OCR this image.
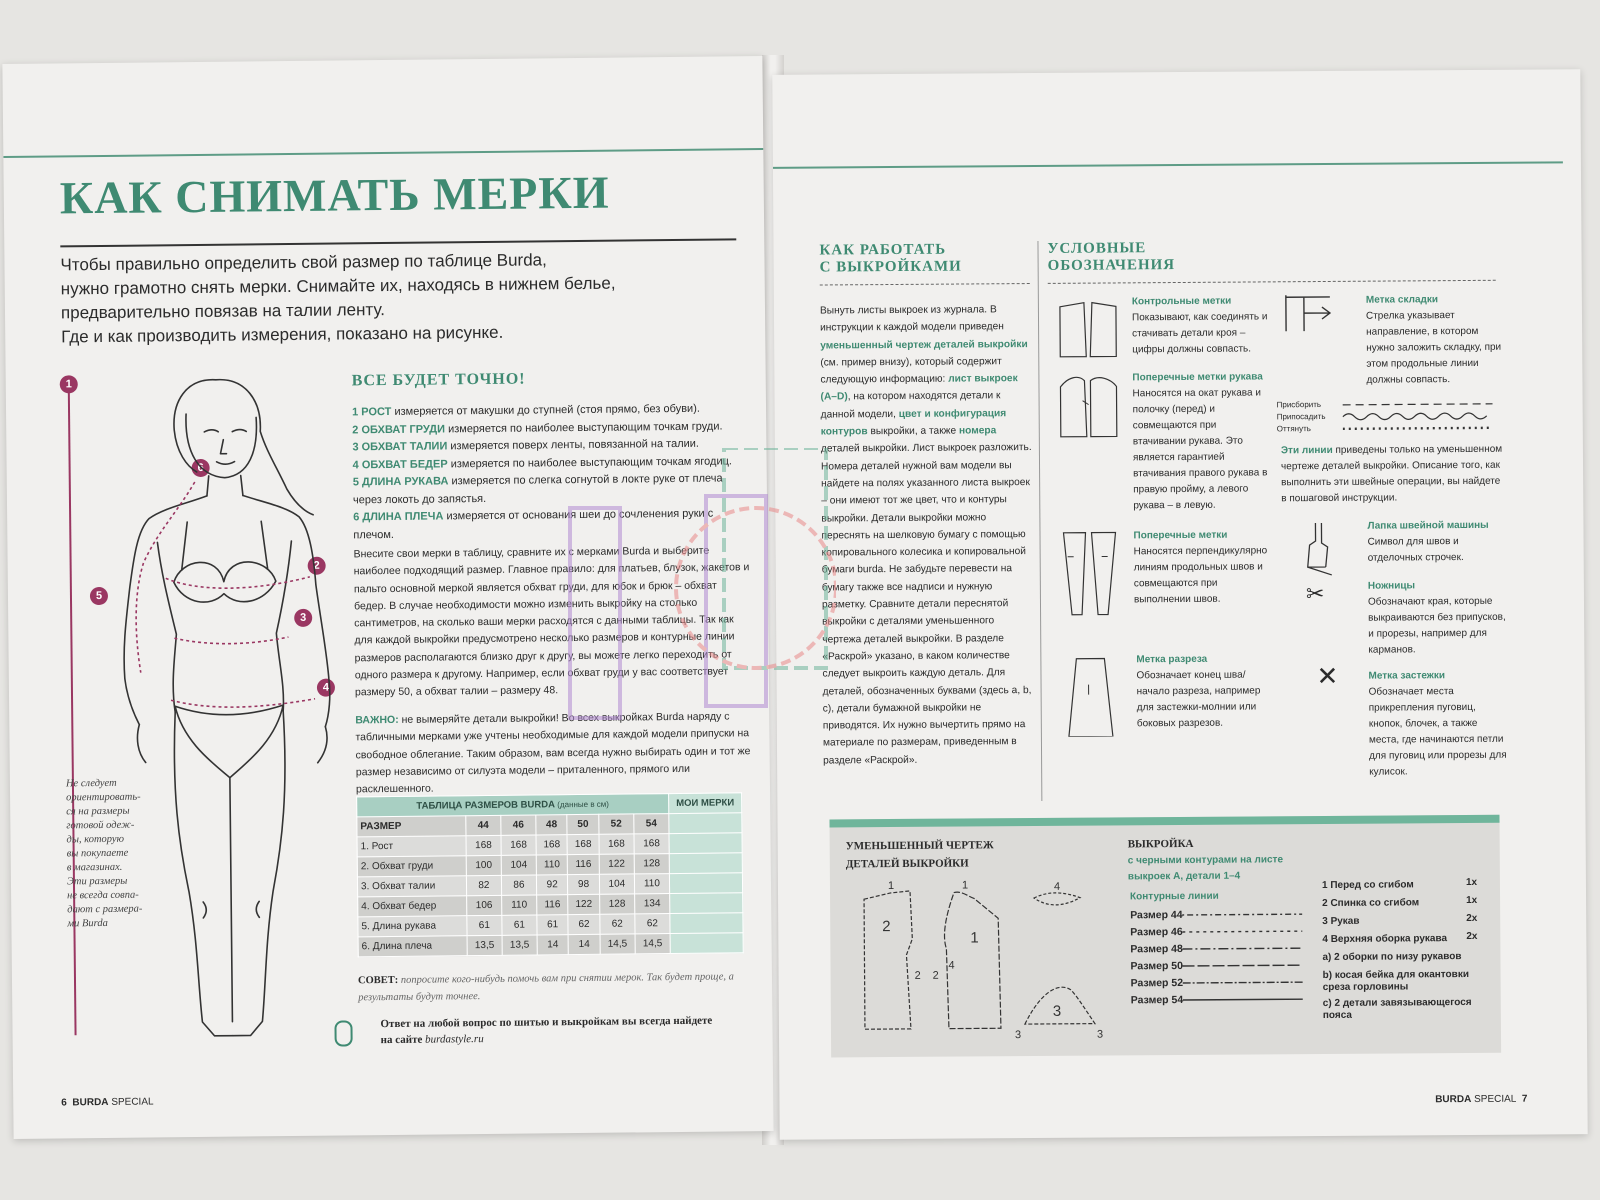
КАК СНИМАТЬ МЕРКИ

Чтобы правильно определить свой размер по таблице Burda,
нужно грамотно снять мерки. Снимайте их, находясь в нижнем белье,
предварительно повязав на талии ленту.
Где и как производить измерения, показано на рисунке.

1
6
2
5
3
4
ВСЕ БУДЕТ ТОЧНО!
1 РОСТ измеряется от макушки до ступней (стоя прямо, без обуви).
2 ОБХВАТ ГРУДИ измеряется по наиболее выступающим точкам груди.
3 ОБХВАТ ТАЛИИ измеряется поверх ленты, повязанной на талии.
4 ОБХВАТ БЕДЕР измеряется по наиболее выступающим точкам ягодиц.
5 ДЛИНА РУКАВА измеряется по слегка согнутой в локте руке от плеча через локоть до запястья.
6 ДЛИНА ПЛЕЧА измеряется от основания шеи до сочленения руки с плечом.

Внесите свои мерки в таблицу, сравните их с мерками Burda и выберите наиболее подходящий размер. Главное правило: для платьев, блузок, жакетов и пальто основной меркой является обхват груди, для юбок и брюк – обхват бедер. В случае необходимости можно изменить выкройку на столько сантиметров, на сколько ваши мерки расходятся с данными таблицы. Так как для каждой выкройки предусмотрено несколько размеров и контурные линии размеров располагаются близко друг к другу, вы можете легко переходить от одного размера к другому. Например, если обхват груди у вас соответствует размеру 50, а обхват талии – размеру 48.

ВАЖНО: не вымеряйте детали выкройки! Во всех выкройках Burda наряду с табличными мерками уже учтены необходимые для каждой модели припуски на свободное облегание. Таким образом, вам всегда нужно выбирать один и тот же размер независимо от силуэта модели – приталенного, прямого или расклешенного.

Не следует
ориентировать-
ся на размеры
готовой одеж-
ды, которую
вы покупаете
в магазинах.
Эти размеры
не всегда совпа-
дают с размера-
ми Burda
ТАБЛИЦА РАЗМЕРОВ BURDA (данные в см)							МОИ МЕРКИ
РАЗМЕР	44	46	48	50	52	54	
1. Рост	168	168	168	168	168	168	
2. Обхват груди	100	104	110	116	122	128	
3. Обхват талии	82	86	92	98	104	110	
4. Обхват бедер	106	110	116	122	128	134	
5. Длина рукава	61	61	61	62	62	62	
6. Длина плеча	13,5	13,5	14	14	14,5	14,5	
СОВЕТ: попросите кого-нибудь помочь вам при снятии мерок. Так будет проще, а результаты будут точнее.
Ответ на любой вопрос по шитью и выкройкам вы всегда найдете на сайте burdastyle.ru
6 BURDA SPECIAL
КАК РАБОТАТЬ
С ВЫКРОЙКАМИ
УСЛОВНЫЕ
ОБОЗНАЧЕНИЯ

Вынуть листы выкроек из журнала. В инструкции к каждой модели приведен уменьшенный чертеж деталей выкройки (см. пример внизу), который содержит следующую информацию: лист выкроек (A–D), на котором находятся детали к данной модели, цвет и конфигурация контуров выкройки, а также номера деталей выкройки. Лист выкроек разложить. Номера деталей нужной вам модели вы найдете на полях указанного листа выкроек – они имеют тот же цвет, что и контуры выкройки. Детали выкройки можно переснять на шелковую бумагу с помощью копировального колесика и копировальной бумаги burda. Не забудьте перевести на бумагу также все надписи и нужную разметку. Сравните детали переснятой выкройки с деталями уменьшенного чертежа деталей выкройки. В разделе «Раскрой» указано, в каком количестве следует выкроить каждую деталь. Для деталей, обозначенных буквами (здесь а, b, c), детали бумажной выкройки не приводятся. Их нужно вычертить прямо на материале по размерам, приведенным в разделе «Раскрой».

Контрольные метки
Показывают, как соединять и стачивать детали кроя – цифры должны совпасть.
Поперечные метки рукава
Наносятся на окат рукава и полочку (перед) и совмещаются при втачивании рукава. Это является гарантией втачивания правого рукава в правую пройму, а левого рукава – в левую.
Поперечные метки
Наносятся перпендикулярно линиям продольных швов и совмещаются при выполнении швов.
Метка разреза
Обозначает конец шва/ начало разреза, например для застежки-молнии или боковых разрезов.
Метка складки
Стрелка указывает направление, в котором нужно заложить складку, при этом продольные линии должны совпасть.
Присборить
Припосадить
Оттянуть
Эти линии приведены только на уменьшенном чертеже деталей выкройки. Описание того, как выполнить эти швейные операции, вы найдете в пошаговой инструкции.
Лапка швейной машины
Символ для швов и отделочных строчек.
✂	Ножницы
Обозначают края, которые выкраиваются без припусков, и прорезы, например для карманов.
✕	Метка застежки
Обозначает места прикрепления пуговиц, кнопок, блочек, а также места, где начинаются петли для пуговиц или прорезы для кулисок.
УМЕНЬШЕННЫЙ ЧЕРТЕЖ
ДЕТАЛЕЙ ВЫКРОЙКИ
ВЫКРОЙКА
с черными контурами на листе
выкроек А, детали 1–4
Контурные линии
1
2
2
1
4
1
2
3
3	3
4
Размер 44
Размер 46
Размер 48
Размер 50
Размер 52
Размер 54
1 Перед со сгибом	1x
2 Спинка со сгибом	1x
3 Рукав	2x
4 Верхняя оборка рукава	2x
а) 2 оборки по низу рукавов
b) косая бейка для окантовки среза горловины
с) 2 детали завязывающегося пояса
BURDA SPECIAL 7
